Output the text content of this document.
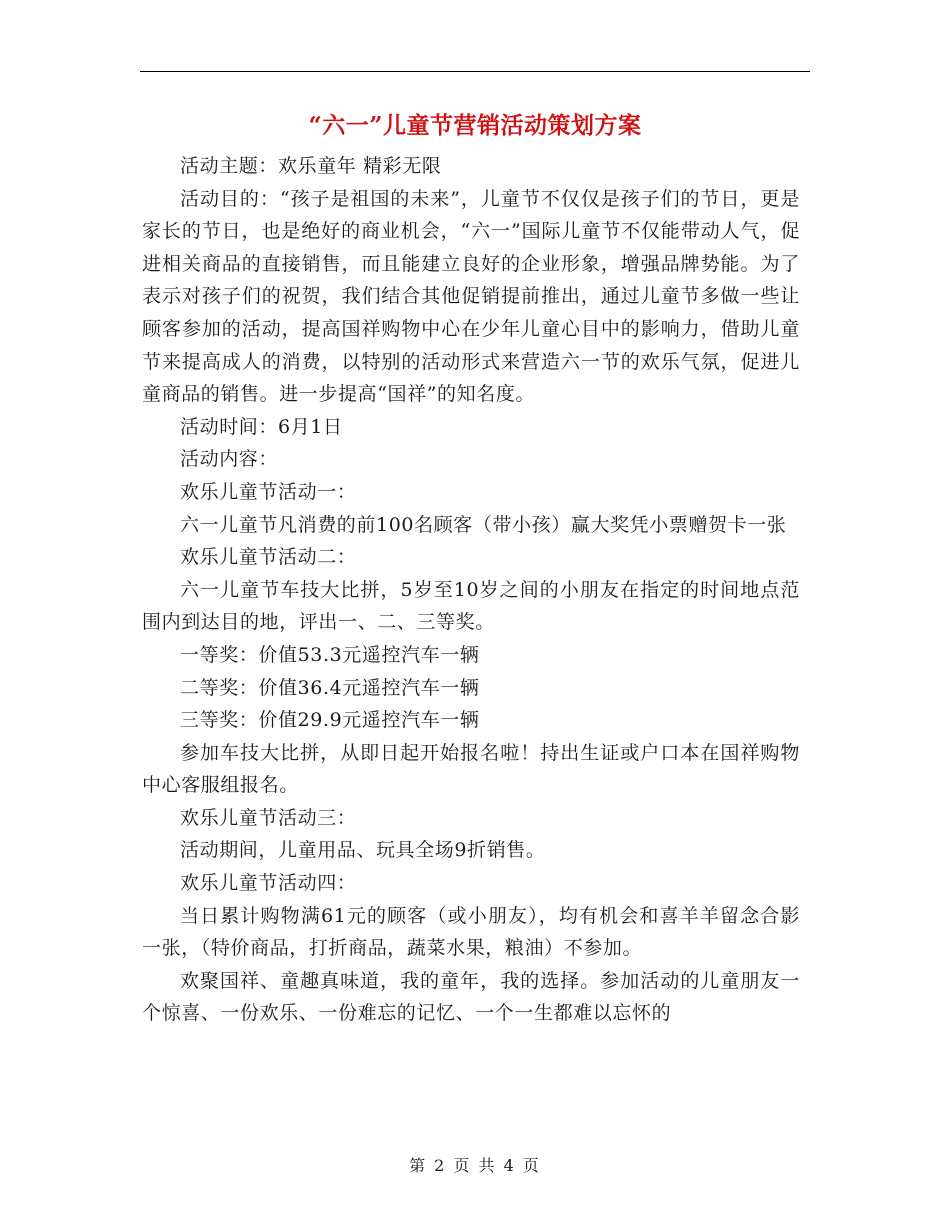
“六一”儿童节营销活动策划方案

活动主题：欢乐童年 精彩无限

活动目的：“孩子是祖国的未来”，儿童节不仅仅是孩子们的节日，更是家长的节日，也是绝好的商业机会，“六一”国际儿童节不仅能带动人气，促进相关商品的直接销售，而且能建立良好的企业形象，增强品牌势能。为了表示对孩子们的祝贺，我们结合其他促销提前推出，通过儿童节多做一些让顾客参加的活动，提高国祥购物中心在少年儿童心目中的影响力，借助儿童节来提高成人的消费，以特别的活动形式来营造六一节的欢乐气氛，促进儿童商品的销售。进一步提高“国祥”的知名度。

活动时间：6月1日

活动内容：

欢乐儿童节活动一：

六一儿童节凡消费的前100名顾客（带小孩）赢大奖凭小票赠贺卡一张

欢乐儿童节活动二：

六一儿童节车技大比拼，5岁至10岁之间的小朋友在指定的时间地点范围内到达目的地，评出一、二、三等奖。

一等奖：价值53.3元遥控汽车一辆

二等奖：价值36.4元遥控汽车一辆

三等奖：价值29.9元遥控汽车一辆

参加车技大比拼，从即日起开始报名啦！持出生证或户口本在国祥购物中心客服组报名。

欢乐儿童节活动三：

活动期间，儿童用品、玩具全场9折销售。

欢乐儿童节活动四：

当日累计购物满61元的顾客（或小朋友），均有机会和喜羊羊留念合影一张，（特价商品，打折商品，蔬菜水果，粮油）不参加。

欢聚国祥、童趣真味道，我的童年，我的选择。参加活动的儿童朋友一个惊喜、一份欢乐、一份难忘的记忆、一个一生都难以忘怀的

第 2 页 共 4 页
